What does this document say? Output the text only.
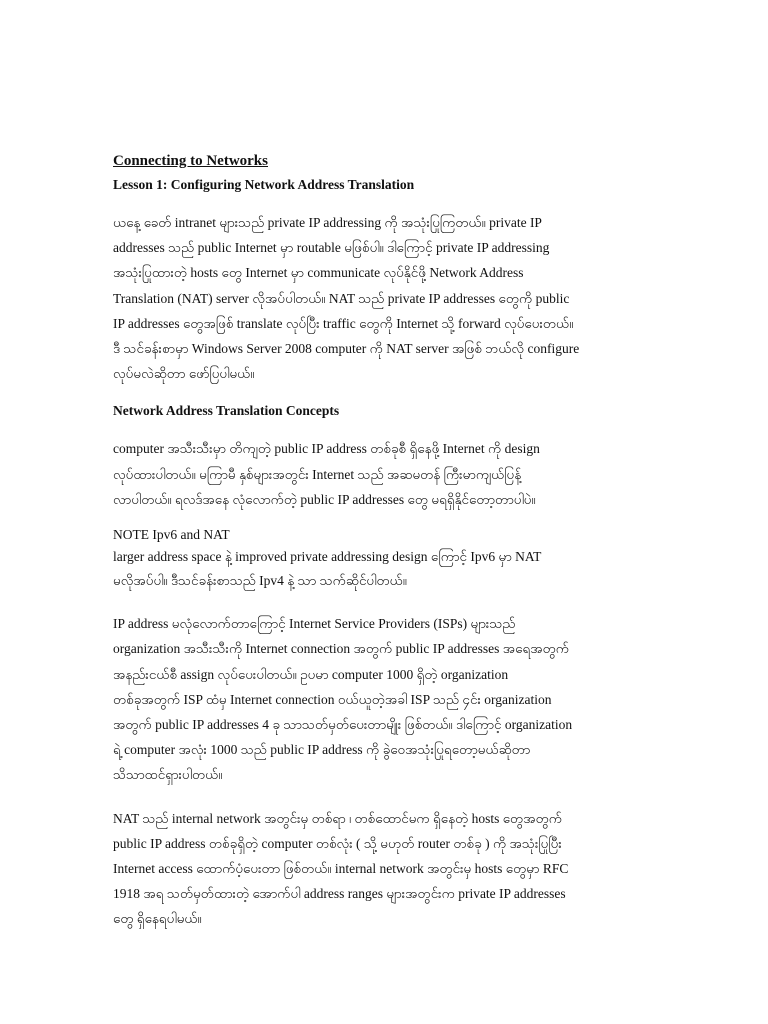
Connecting to Networks

Lesson 1: Configuring Network Address Translation

ယနေ့ ခေတ် intranet များသည် private IP addressing ကို အသုံးပြုကြတယ်။ private IP
addresses သည် public Internet မှာ routable မဖြစ်ပါ။ ဒါကြောင့် private IP addressing
အသုံးပြုထားတဲ့ hosts တွေ Internet မှာ communicate လုပ်နိုင်ဖို့ Network Address
Translation (NAT) server လိုအပ်ပါတယ်။ NAT သည် private IP addresses တွေကို public
IP addresses တွေအဖြစ် translate လုပ်ပြီး traffic တွေကို Internet သို့ forward လုပ်ပေးတယ်။
ဒီ သင်ခန်းစာမှာ Windows Server 2008 computer ကို NAT server အဖြစ် ဘယ်လို configure
လုပ်မလဲဆိုတာ ဖော်ပြပါမယ်။

Network Address Translation Concepts

computer အသီးသီးမှာ တိကျတဲ့ public IP address တစ်ခုစီ ရှိနေဖို့ Internet ကို design
လုပ်ထားပါတယ်။ မကြာမီ နှစ်များအတွင်း Internet သည် အဆမတန် ကြီးမာကျယ်ပြန့်
လာပါတယ်။ ရလဒ်အနေ လုံလောက်တဲ့ public IP addresses တွေ မရရှိနိုင်တော့တာပါပဲ။

NOTE Ipv6 and NAT

larger address space နဲ့ improved private addressing design ကြောင့် Ipv6 မှာ NAT
မလိုအပ်ပါ။ ဒီသင်ခန်းစာသည် Ipv4 နဲ့ သာ သက်ဆိုင်ပါတယ်။

IP address မလုံလောက်တာကြောင့် Internet Service Providers (ISPs) များသည်
organization အသီးသီးကို Internet connection အတွက် public IP addresses အရေအတွက်
အနည်းငယ်စီ assign လုပ်ပေးပါတယ်။ ဥပမာ computer 1000 ရှိတဲ့ organization
တစ်ခုအတွက် ISP ထံမှ Internet connection ဝယ်ယူတဲ့အခါ ISP သည် ၄င်း organization
အတွက် public IP addresses 4 ခု သာသတ်မှတ်ပေးတာမျိုး ဖြစ်တယ်။ ဒါကြောင့် organization
ရဲ့ computer အလုံး 1000 သည် public IP address ကို ခွဲဝေအသုံးပြုရတော့မယ်ဆိုတာ
သိသာထင်ရှားပါတယ်။

NAT သည် internal network အတွင်းမှ တစ်ရာ ၊ တစ်ထောင်မက ရှိနေတဲ့ hosts တွေအတွက်
public IP address တစ်ခုရှိတဲ့ computer တစ်လုံး ( သို့ မဟုတ် router တစ်ခု ) ကို အသုံးပြုပြီး
Internet access ထောက်ပံ့ပေးတာ ဖြစ်တယ်။ internal network အတွင်းမှ hosts တွေမှာ RFC
1918 အရ သတ်မှတ်ထားတဲ့ အောက်ပါ address ranges များအတွင်းက private IP addresses
တွေ ရှိနေရပါမယ်။
